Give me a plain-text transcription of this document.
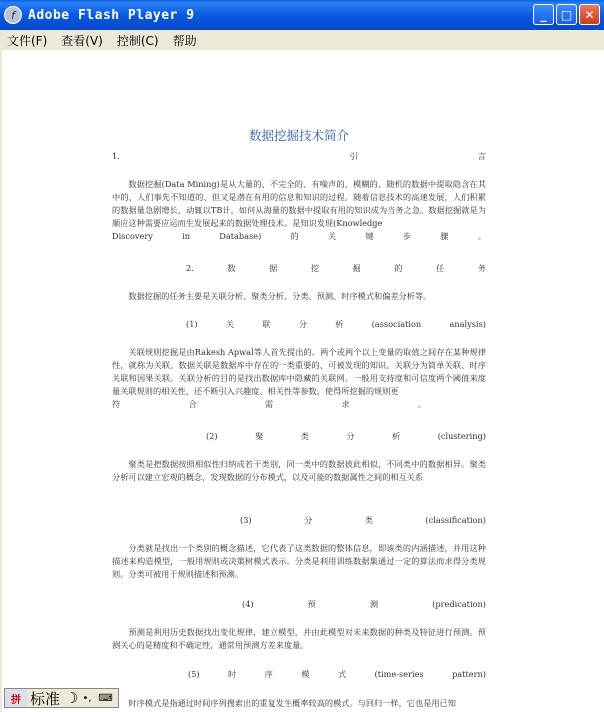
f	Adobe Flash Player 9	_ □ ✕
文件(F)	查看(V)	控制(C)	帮助
数据挖掘技术简介
1.	引	言
数据挖掘(Data Mining)是从大量的、不完全的、有噪声的、模糊的、随机的数据中提取隐含在其中的、人们事先不知道的、但又是潜在有用的信息和知识的过程。随着信息技术的高速发展，人们积累的数据量急剧增长，动辄以TB计，如何从海量的数据中提取有用的知识成为当务之急。数据挖掘就是为顺应这种需要应运而生发展起来的数据处理技术。是知识发现(Knowledge
Discovery	in	Database)	的	关	键	步	骤	。
2.	数	据	挖	掘	的	任	务
数据挖掘的任务主要是关联分析、聚类分析、分类、预测、时序模式和偏差分析等。
(1)	关	联	分	析	(association	analysis)
关联规则挖掘是由Rakesh Apwal等人首先提出的。两个或两个以上变量的取值之间存在某种规律性，就称为关联。数据关联是数据库中存在的一类重要的、可被发现的知识。关联分为简单关联、时序关联和因果关联。关联分析的目的是找出数据库中隐藏的关联网。一般用支持度和可信度两个阈值来度量关联规则的相关性，还不断引入兴趣度、相关性等参数，使得所挖掘的规则更
符	合	需	求	。
(2)	聚	类	分	析	(clustering)
聚类是把数据按照相似性归纳成若干类别，同一类中的数据彼此相似，不同类中的数据相异。聚类分析可以建立宏观的概念，发现数据的分布模式，以及可能的数据属性之间的相互关系
(3)	分	类	(classification)
分类就是找出一个类别的概念描述，它代表了这类数据的整体信息，即该类的内涵描述，并用这种描述来构造模型，一般用规则或决策树模式表示。分类是利用训练数据集通过一定的算法而求得分类规则。分类可被用于规则描述和预测。
(4)	预	测	(predication)
预测是利用历史数据找出变化规律，建立模型，并由此模型对未来数据的种类及特征进行预测。预测关心的是精度和不确定性，通常用预测方差来度量。
(5)	时	序	模	式	(time-series	pattern)
时序模式是指通过时间序列搜索出的重复发生概率较高的模式。与回归一样，它也是用已知
拼 标准 ☽ •, ⌨
